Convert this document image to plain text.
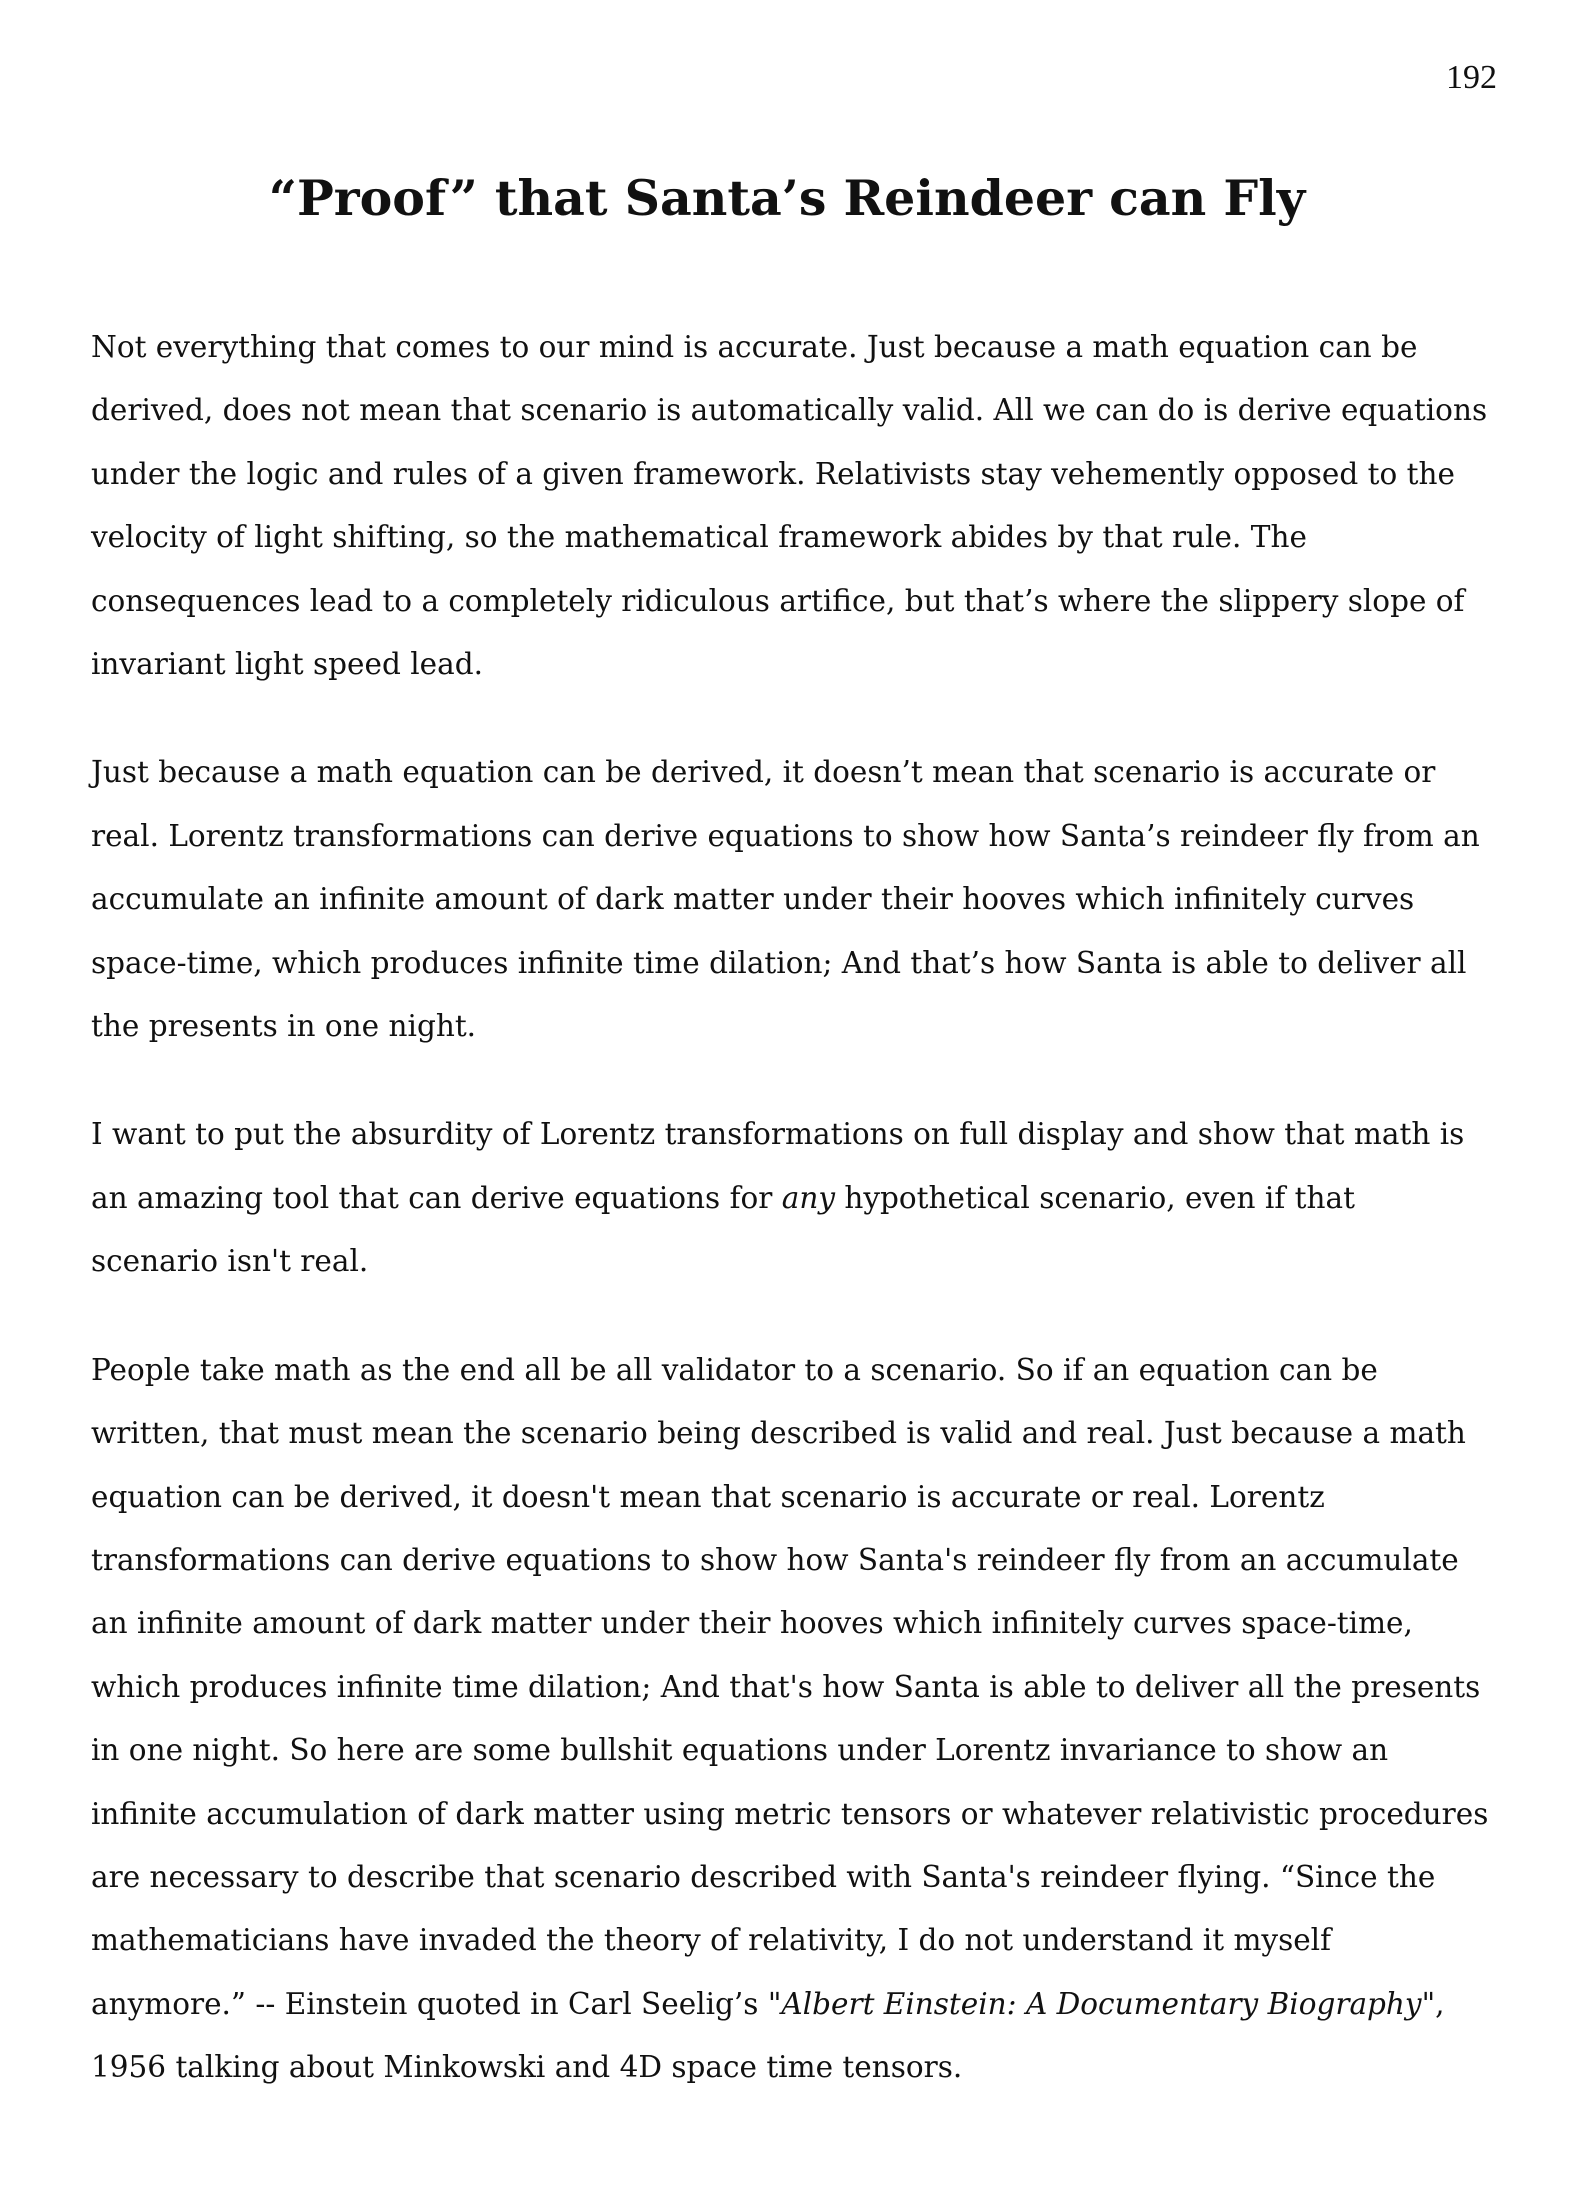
192
“Proof” that Santa’s Reindeer can Fly

Not everything that comes to our mind is accurate. Just because a math equation can be derived, does not mean that scenario is automatically valid. All we can do is derive equations under the logic and rules of a given framework. Relativists stay vehemently opposed to the velocity of light shifting, so the mathematical framework abides by that rule. The consequences lead to a completely ridiculous artifice, but that’s where the slippery slope of invariant light speed lead.

Just because a math equation can be derived, it doesn’t mean that scenario is accurate or real. Lorentz transformations can derive equations to show how Santa’s reindeer fly from an accumulate an infinite amount of dark matter under their hooves which infinitely curves space-time, which produces infinite time dilation; And that’s how Santa is able to deliver all the presents in one night.

I want to put the absurdity of Lorentz transformations on full display and show that math is an amazing tool that can derive equations for any hypothetical scenario, even if that scenario isn't real.

People take math as the end all be all validator to a scenario. So if an equation can be written, that must mean the scenario being described is valid and real. Just because a math equation can be derived, it doesn't mean that scenario is accurate or real. Lorentz transformations can derive equations to show how Santa's reindeer fly from an accumulate an infinite amount of dark matter under their hooves which infinitely curves space-time, which produces infinite time dilation; And that's how Santa is able to deliver all the presents in one night. So here are some bullshit equations under Lorentz invariance to show an infinite accumulation of dark matter using metric tensors or whatever relativistic procedures are necessary to describe that scenario described with Santa's reindeer flying. “Since the mathematicians have invaded the theory of relativity, I do not understand it myself anymore.” -- Einstein quoted in Carl Seelig’s "Albert Einstein: A Documentary Biography", 1956 talking about Minkowski and 4D space time tensors.
